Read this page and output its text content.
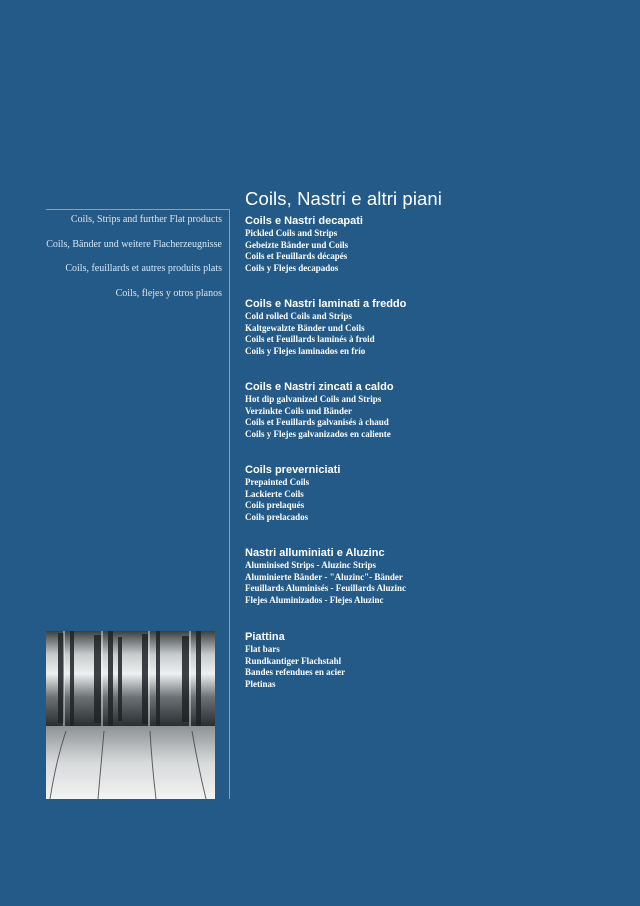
Coils, Nastri e altri piani
Coils, Strips and further Flat products
Coils, Bänder und weitere Flacherzeugnisse
Coils, feuillards et autres produits plats
Coils, flejes y otros planos
Coils e Nastri decapati
Pickled Coils and Strips
Gebeizte Bänder und Coils
Coils et Feuillards décapés
Coils y Flejes decapados
Coils e Nastri laminati a freddo
Cold rolled Coils and Strips
Kaltgewalzte Bänder und Coils
Coils et Feuillards laminés à froid
Coils y Flejes laminados en frío
Coils e Nastri zincati a caldo
Hot dip galvanized Coils and Strips
Verzinkte Coils und Bänder
Coils et Feuillards galvanisés à chaud
Coils y Flejes galvanizados en caliente
Coils preverniciati
Prepainted Coils
Lackierte Coils
Coils prelaqués
Coils prelacados
Nastri alluminiati e Aluzinc
Aluminised Strips - Aluzinc Strips
Aluminierte Bänder - "Aluzinc"- Bänder
Feuillards Aluminisés - Feuillards Aluzinc
Flejes Aluminizados - Flejes Aluzinc
Piattina
Flat bars
Rundkantiger Flachstahl
Bandes refendues en acier
Pletinas
